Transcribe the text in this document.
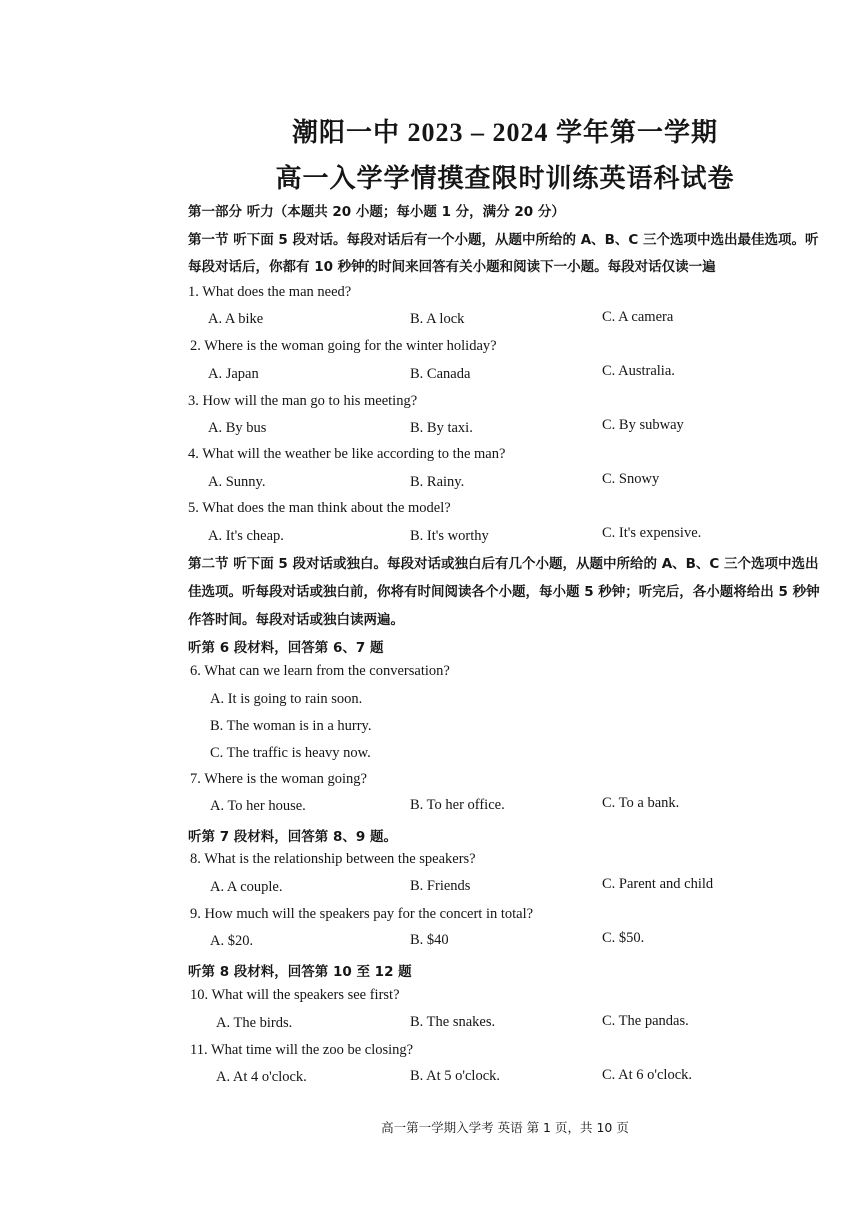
潮阳一中 2023 – 2024 学年第一学期
高一入学学情摸查限时训练英语科试卷
第一部分 听力（本题共 20 小题；每小题 1 分，满分 20 分）
第一节 听下面 5 段对话。每段对话后有一个小题，从题中所给的 A、B、C 三个选项中选出最佳选项。听
每段对话后，你都有 10 秒钟的时间来回答有关小题和阅读下一小题。每段对话仅读一遍
1. What does the man need?
A. A bike	B. A lock	C. A camera
2. Where is the woman going for the winter holiday?
A. Japan	B. Canada	C. Australia.
3. How will the man go to his meeting?
A. By bus	B. By taxi.	C. By subway
4. What will the weather be like according to the man?
A. Sunny.	B. Rainy.	C. Snowy
5. What does the man think about the model?
A. It's cheap.	B. It's worthy	C. It's expensive.
第二节 听下面 5 段对话或独白。每段对话或独白后有几个小题，从题中所给的 A、B、C 三个选项中选出
佳选项。听每段对话或独白前，你将有时间阅读各个小题，每小题 5 秒钟；听完后，各小题将给出 5 秒钟
作答时间。每段对话或独白读两遍。
听第 6 段材料，回答第 6、7 题
6. What can we learn from the conversation?
A. It is going to rain soon.
B. The woman is in a hurry.
C. The traffic is heavy now.
7. Where is the woman going?
A. To her house.	B. To her office.	C. To a bank.
听第 7 段材料，回答第 8、9 题。
8. What is the relationship between the speakers?
A. A couple.	B. Friends	C. Parent and child
9. How much will the speakers pay for the concert in total?
A. $20.	B. $40	C. $50.
听第 8 段材料，回答第 10 至 12 题
10. What will the speakers see first?
A. The birds.	B. The snakes.	C. The pandas.
11. What time will the zoo be closing?
A. At 4 o'clock.	B. At 5 o'clock.	C. At 6 o'clock.
高一第一学期入学考 英语 第 1 页，共 10 页
